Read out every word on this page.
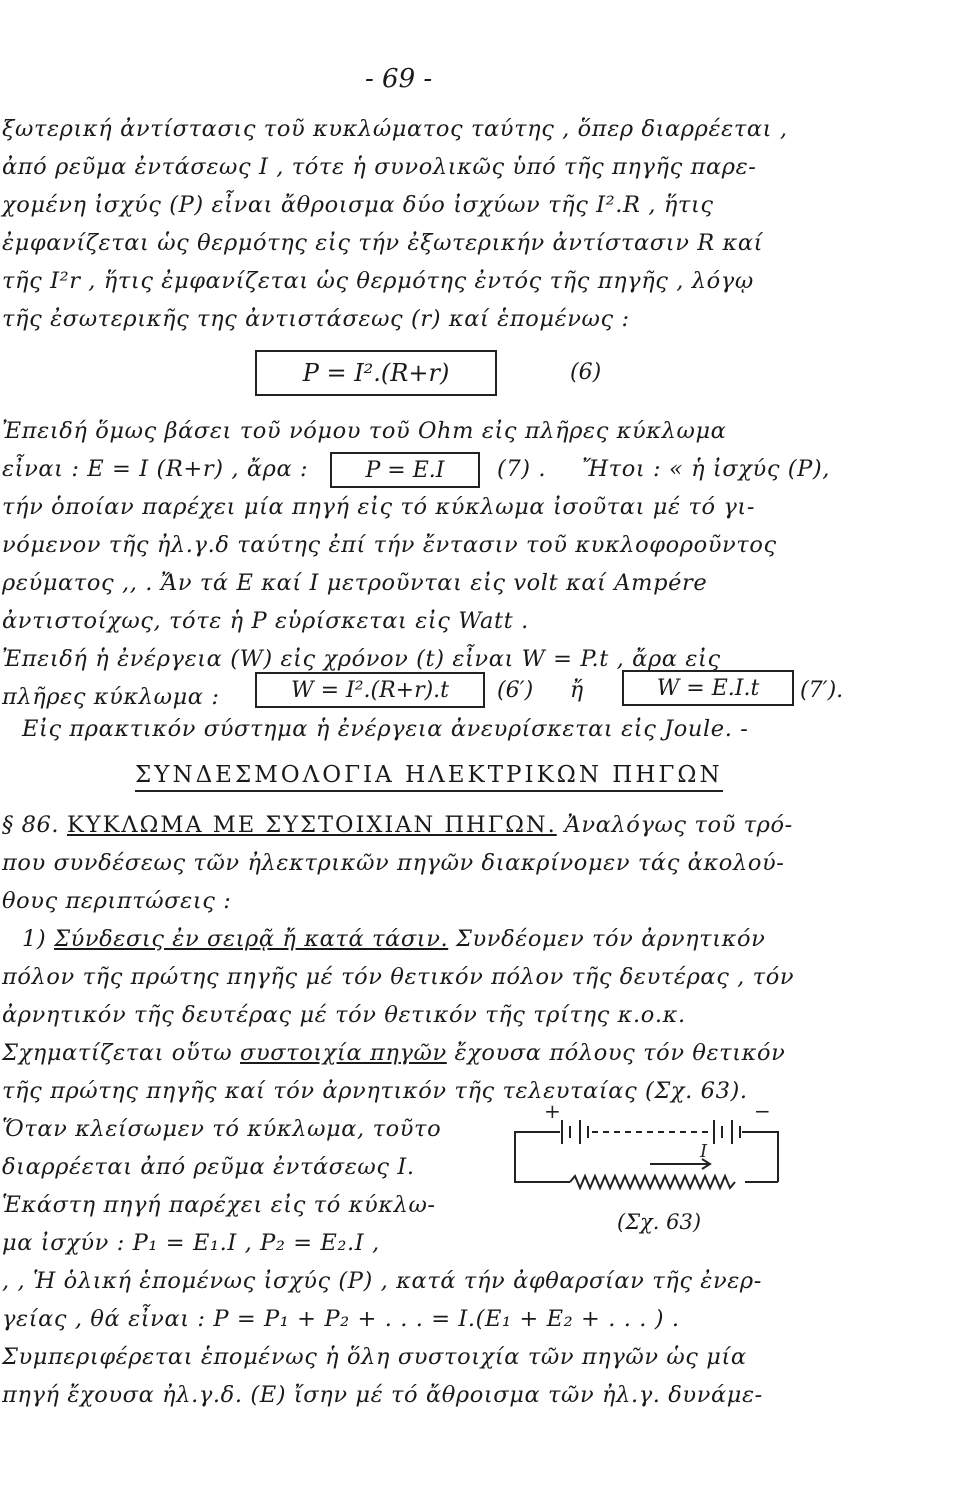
- 69 -
ξωτερική ἀντίστασις τοῦ κυκλώματος ταύτης , ὅπερ διαρρέεται ,
ἀπό ρεῦμα ἐντάσεως I , τότε ἡ συνολικῶς ὑπό τῆς πηγῆς παρε-
χομένη ἰσχύς (P) εἶναι ἄθροισμα δύο ἰσχύων τῆς I².R , ἥτις
ἐμφανίζεται ὡς θερμότης εἰς τήν ἐξωτερικήν ἀντίστασιν R καί
τῆς I²r , ἥτις ἐμφανίζεται ὡς θερμότης ἐντός τῆς πηγῆς , λόγῳ
τῆς ἐσωτερικῆς της ἀντιστάσεως (r) καί ἑπομένως :
P = I².(R+r)	(6)
Ἐπειδή ὅμως βάσει τοῦ νόμου τοῦ Ohm εἰς πλῆρες κύκλωμα
εἶναι : E = I (R+r) , ἄρα :	P = E.I	(7) . Ἤτοι : « ἡ ἰσχύς (P),
τήν ὁποίαν παρέχει μία πηγή εἰς τό κύκλωμα ἰσοῦται μέ τό γι-
νόμενον τῆς ἠλ.γ.δ ταύτης ἐπί τήν ἔντασιν τοῦ κυκλοφοροῦντος
ρεύματος ,, . Ἄν τά E καί I μετροῦνται εἰς volt καί Ampére
ἀντιστοίχως, τότε ἡ P εὑρίσκεται εἰς Watt .
Ἐπειδή ἡ ἐνέργεια (W) εἰς χρόνον (t) εἶναι W = P.t , ἄρα εἰς
πλῆρες κύκλωμα :	W = I².(R+r).t	(6′) ἤ	W = E.I.t	(7′).
Εἰς πρακτικόν σύστημα ἡ ἐνέργεια ἀνευρίσκεται εἰς Joule. -
ΣΥΝΔΕΣΜΟΛΟΓΙΑ ΗΛΕΚΤΡΙΚΩΝ ΠΗΓΩΝ
§ 86. ΚΥΚΛΩΜΑ ΜΕ ΣΥΣΤΟΙΧΙΑΝ ΠΗΓΩΝ. Ἀναλόγως τοῦ τρό-
που συνδέσεως τῶν ἠλεκτρικῶν πηγῶν διακρίνομεν τάς ἀκολού-
θους περιπτώσεις :
1) Σύνδεσις ἐν σειρᾷ ἤ κατά τάσιν. Συνδέομεν τόν ἀρνητικόν
πόλον τῆς πρώτης πηγῆς μέ τόν θετικόν πόλον τῆς δευτέρας , τόν
ἀρνητικόν τῆς δευτέρας μέ τόν θετικόν τῆς τρίτης κ.ο.κ.
Σχηματίζεται οὕτω συστοιχία πηγῶν ἔχουσα πόλους τόν θετικόν
τῆς πρώτης πηγῆς καί τόν ἀρνητικόν τῆς τελευταίας (Σχ. 63).
Ὅταν κλείσωμεν τό κύκλωμα, τοῦτο
διαρρέεται ἀπό ρεῦμα ἐντάσεως I.
Ἑκάστη πηγή παρέχει εἰς τό κύκλω-
μα ἰσχύν : P₁ = E₁.I , P₂ = E₂.I ,
I
+	−
(Σχ. 63)
, , Ἡ ὁλική ἑπομένως ἰσχύς (P) , κατά τήν ἀφθαρσίαν τῆς ἐνερ-
γείας , θά εἶναι : P = P₁ + P₂ + . . . = I.(E₁ + E₂ + . . . ) .
Συμπεριφέρεται ἑπομένως ἡ ὅλη συστοιχία τῶν πηγῶν ὡς μία
πηγή ἔχουσα ἠλ.γ.δ. (E) ἴσην μέ τό ἄθροισμα τῶν ἠλ.γ. δυνάμε-
